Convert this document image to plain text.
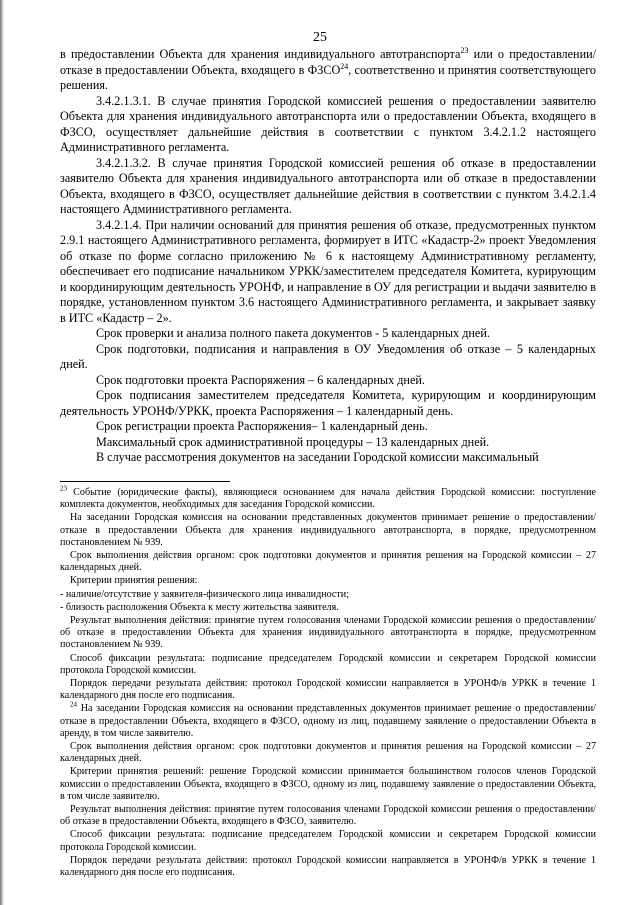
25

в предоставлении Объекта для хранения индивидуального автотранспорта$^{23}$ или о предоставлении/отказе в предоставлении Объекта, входящего в ФЗСО$^{24}$, соответственно и принятия соответствующего решения.

3.4.2.1.3.1. В случае принятия Городской комиссией решения о предоставлении заявителю Объекта для хранения индивидуального автотранспорта или о предоставлении Объекта, входящего в ФЗСО, осуществляет дальнейшие действия в соответствии с пунктом 3.4.2.1.2 настоящего Административного регламента.

3.4.2.1.3.2. В случае принятия Городской комиссией решения об отказе в предоставлении заявителю Объекта для хранения индивидуального автотранспорта или об отказе в предоставлении Объекта, входящего в ФЗСО, осуществляет дальнейшие действия в соответствии с пунктом 3.4.2.1.4 настоящего Административного регламента.

3.4.2.1.4. При наличии оснований для принятия решения об отказе, предусмотренных пунктом 2.9.1 настоящего Административного регламента, формирует в ИТС «Кадастр-2» проект Уведомления об отказе по форме согласно приложению № 6 к настоящему Административному регламенту, обеспечивает его подписание начальником УРКК/заместителем председателя Комитета, курирующим и координирующим деятельность УРОНФ, и направление в ОУ для регистрации и выдачи заявителю в порядке, установленном пунктом 3.6 настоящего Административного регламента, и закрывает заявку в ИТС «Кадастр – 2».

Срок проверки и анализа полного пакета документов - 5 календарных дней.

Срок подготовки, подписания и направления в ОУ Уведомления об отказе – 5 календарных дней.

Срок подготовки проекта Распоряжения – 6 календарных дней.

Срок подписания заместителем председателя Комитета, курирующим и координирующим деятельность УРОНФ/УРКК, проекта Распоряжения – 1 календарный день.

Срок регистрации проекта Распоряжения– 1 календарный день.

Максимальный срок административной процедуры – 13 календарных дней.

В случае рассмотрения документов на заседании Городской комиссии максимальный

$^{23}$ Событие (юридические факты), являющиеся основанием для начала действия Городской комиссии: поступление комплекта документов, необходимых для заседания Городской комиссии.

На заседании Городская комиссия на основании представленных документов принимает решение о предоставлении/отказе в предоставлении Объекта для хранения индивидуального автотранспорта, в порядке, предусмотренном постановлением № 939.

Срок выполнения действия органом: срок подготовки документов и принятия решения на Городской комиссии – 27 календарных дней.

Критерии принятия решения:

- наличие/отсутствие у заявителя-физического лица инвалидности;

- близость расположения Объекта к месту жительства заявителя.

Результат выполнения действия: принятие путем голосования членами Городской комиссии решения о предоставлении/об отказе в предоставлении Объекта для хранения индивидуального автотранспорта в порядке, предусмотренном постановлением № 939.

Способ фиксации результата: подписание председателем Городской комиссии и секретарем Городской комиссии протокола Городской комиссии.

Порядок передачи результата действия: протокол Городской комиссии направляется в УРОНФ/в УРКК в течение 1 календарного дня после его подписания.

$^{24}$ На заседании Городская комиссия на основании представленных документов принимает решение о предоставлении/отказе в предоставлении Объекта, входящего в ФЗСО, одному из лиц, подавшему заявление о предоставлении Объекта в аренду, в том числе заявителю.

Срок выполнения действия органом: срок подготовки документов и принятия решения на Городской комиссии – 27 календарных дней.

Критерии принятия решений: решение Городской комиссии принимается большинством голосов членов Городской комиссии о предоставлении Объекта, входящего в ФЗСО, одному из лиц, подавшему заявление о предоставлении Объекта, в том числе заявителю.

Результат выполнения действия: принятие путем голосования членами Городской комиссии решения о предоставлении/об отказе в предоставлении Объекта, входящего в ФЗСО, заявителю.

Способ фиксации результата: подписание председателем Городской комиссии и секретарем Городской комиссии протокола Городской комиссии.

Порядок передачи результата действия: протокол Городской комиссии направляется в УРОНФ/в УРКК в течение 1 календарного дня после его подписания.
